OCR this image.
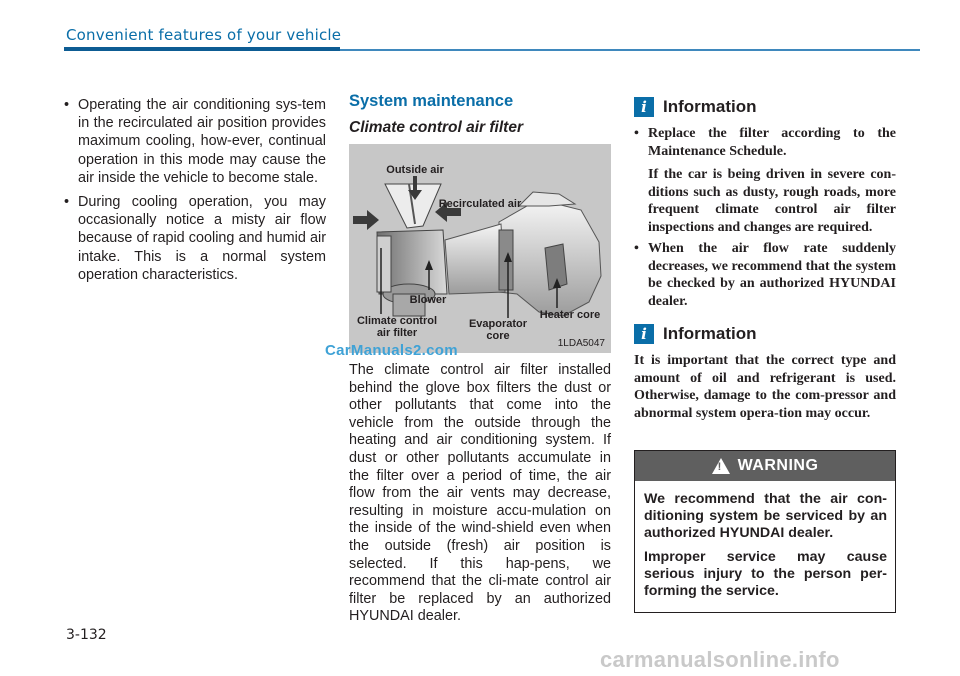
Convenient features of your vehicle
• Operating the air conditioning sys-tem in the recirculated air position provides maximum cooling, how-ever, continual operation in this mode may cause the air inside the vehicle to become stale.
• During cooling operation, you may occasionally notice a misty air flow because of rapid cooling and humid air intake. This is a normal system operation characteristics.
System maintenance
Climate control air filter
Outside air
Recirculated air
Blower
Climate control air filter
Evaporator core
Heater core
1LDA5047
CarManuals2.com
The climate control air filter installed behind the glove box filters the dust or other pollutants that come into the vehicle from the outside through the heating and air conditioning system. If dust or other pollutants accumulate in the filter over a period of time, the air flow from the air vents may decrease, resulting in moisture accu-mulation on the inside of the wind-shield even when the outside (fresh) air position is selected. If this hap-pens, we recommend that the cli-mate control air filter be replaced by an authorized HYUNDAI dealer.
i Information
• Replace the filter according to the Maintenance Schedule.

If the car is being driven in severe con-ditions such as dusty, rough roads, more frequent climate control air filter inspections and changes are required.

• When the air flow rate suddenly decreases, we recommend that the system be checked by an authorized HYUNDAI dealer.
i Information

It is important that the correct type and amount of oil and refrigerant is used. Otherwise, damage to the com-pressor and abnormal system opera-tion may occur.

! WARNING

We recommend that the air con-ditioning system be serviced by an authorized HYUNDAI dealer.

Improper service may cause serious injury to the person per-forming the service.

3-132
carmanualsonline.info
